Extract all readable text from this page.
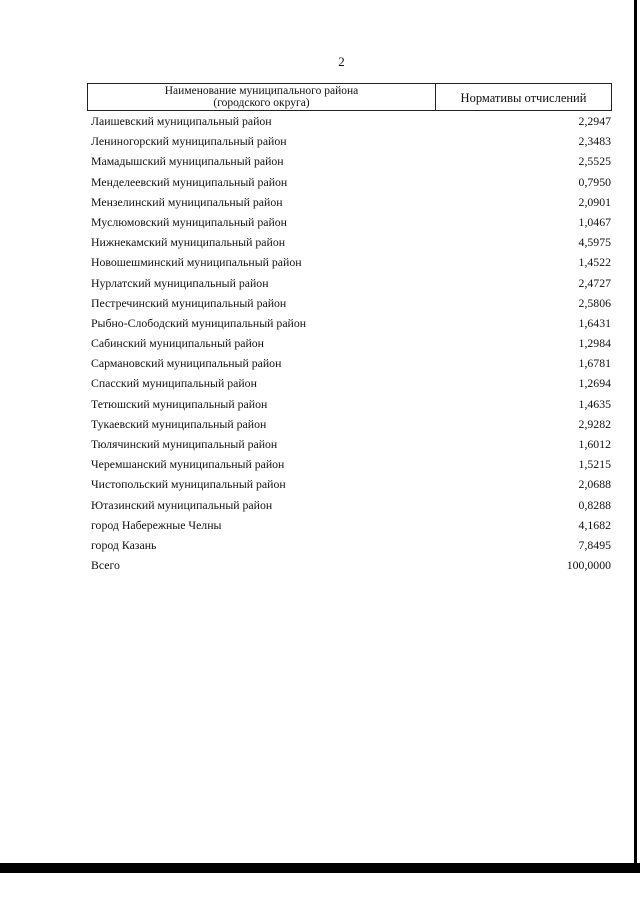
2
Наименование муниципального района
(городского округа)	Нормативы отчислений
Лаишевский муниципальный район	2,2947
Лениногорский муниципальный район	2,3483
Мамадышский муниципальный район	2,5525
Менделеевский муниципальный район	0,7950
Мензелинский муниципальный район	2,0901
Муслюмовский муниципальный район	1,0467
Нижнекамский муниципальный район	4,5975
Новошешминский муниципальный район	1,4522
Нурлатский муниципальный район	2,4727
Пестречинский муниципальный район	2,5806
Рыбно-Слободский муниципальный район	1,6431
Сабинский муниципальный район	1,2984
Сармановский муниципальный район	1,6781
Спасский муниципальный район	1,2694
Тетюшский муниципальный район	1,4635
Тукаевский муниципальный район	2,9282
Тюлячинский муниципальный район	1,6012
Черемшанский муниципальный район	1,5215
Чистопольский муниципальный район	2,0688
Ютазинский муниципальный район	0,8288
город Набережные Челны	4,1682
город Казань	7,8495
Всего	100,0000
